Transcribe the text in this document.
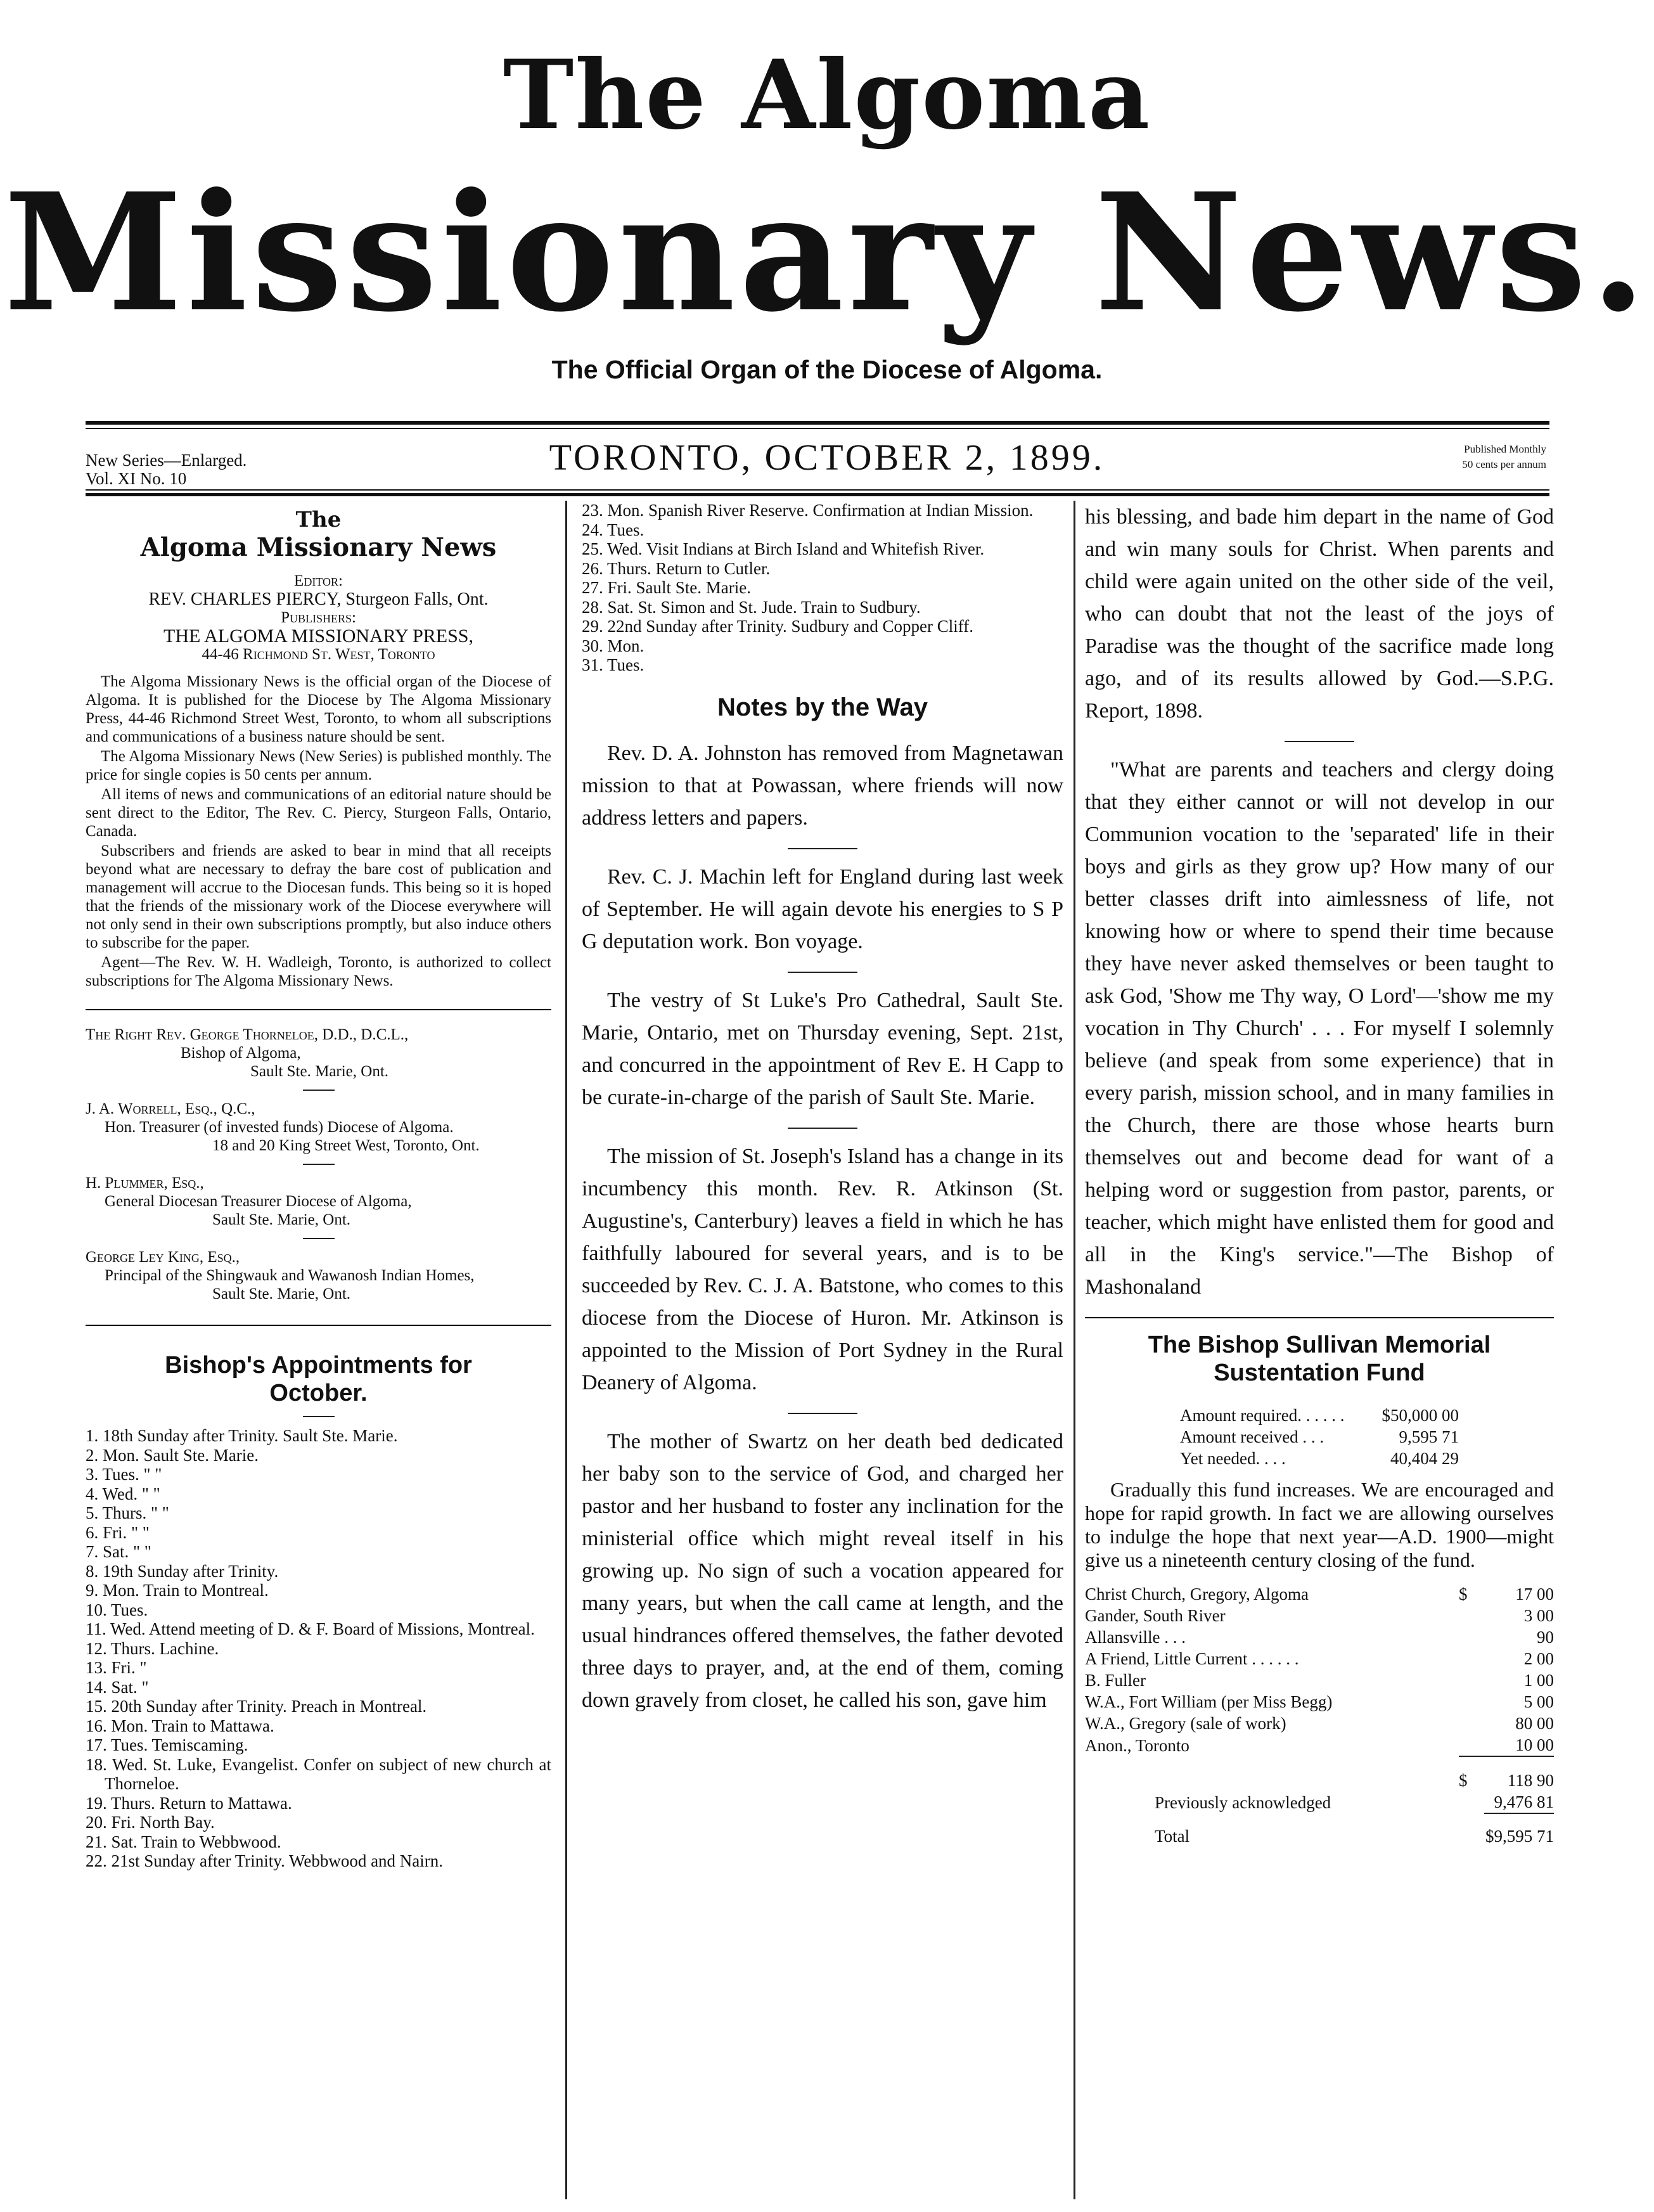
The Algoma
Missionary News.
The Official Organ of the Diocese of Algoma.
New Series—Enlarged.
Vol. XI No. 10
TORONTO, OCTOBER 2, 1899.	Published Monthly
50 cents per annum
The
Algoma Missionary News
Editor:
REV. CHARLES PIERCY, Sturgeon Falls, Ont.
Publishers:
THE ALGOMA MISSIONARY PRESS,
44-46 Richmond St. West, Toronto

The Algoma Missionary News is the official organ of the Diocese of Algoma. It is published for the Diocese by The Algoma Missionary Press, 44-46 Richmond Street West, Toronto, to whom all subscriptions and communications of a business nature should be sent.

The Algoma Missionary News (New Series) is published monthly. The price for single copies is 50 cents per annum.

All items of news and communications of an editorial nature should be sent direct to the Editor, The Rev. C. Piercy, Sturgeon Falls, Ontario, Canada.

Subscribers and friends are asked to bear in mind that all receipts beyond what are necessary to defray the bare cost of publication and management will accrue to the Diocesan funds. This being so it is hoped that the friends of the missionary work of the Diocese everywhere will not only send in their own subscriptions promptly, but also induce others to subscribe for the paper.

Agent—The Rev. W. H. Wadleigh, Toronto, is authorized to collect subscriptions for The Algoma Missionary News.

The Right Rev. George Thorneloe, D.D., D.C.L.,

Bishop of Algoma,

Sault Ste. Marie, Ont.

J. A. Worrell, Esq., Q.C.,

Hon. Treasurer (of invested funds) Diocese of Algoma.

18 and 20 King Street West, Toronto, Ont.

H. Plummer, Esq.,

General Diocesan Treasurer Diocese of Algoma,

Sault Ste. Marie, Ont.

George Ley King, Esq.,

Principal of the Shingwauk and Wawanosh Indian Homes,

Sault Ste. Marie, Ont.

Bishop's Appointments for October.

1. 18th Sunday after Trinity. Sault Ste. Marie.

2. Mon. Sault Ste. Marie.

3. Tues. " "

4. Wed. " "

5. Thurs. " "

6. Fri. " "

7. Sat. " "

8. 19th Sunday after Trinity.

9. Mon. Train to Montreal.

10. Tues.

11. Wed. Attend meeting of D. & F. Board of Missions, Montreal.

12. Thurs. Lachine.

13. Fri. "

14. Sat. "

15. 20th Sunday after Trinity. Preach in Montreal.

16. Mon. Train to Mattawa.

17. Tues. Temiscaming.

18. Wed. St. Luke, Evangelist. Confer on subject of new church at Thorneloe.

19. Thurs. Return to Mattawa.

20. Fri. North Bay.

21. Sat. Train to Webbwood.

22. 21st Sunday after Trinity. Webbwood and Nairn.

23. Mon. Spanish River Reserve. Confirmation at Indian Mission.

24. Tues.

25. Wed. Visit Indians at Birch Island and Whitefish River.

26. Thurs. Return to Cutler.

27. Fri. Sault Ste. Marie.

28. Sat. St. Simon and St. Jude. Train to Sudbury.

29. 22nd Sunday after Trinity. Sudbury and Copper Cliff.

30. Mon.

31. Tues.

Notes by the Way

Rev. D. A. Johnston has removed from Magnetawan mission to that at Powassan, where friends will now address letters and papers.

Rev. C. J. Machin left for England during last week of September. He will again devote his energies to S P G deputation work. Bon voyage.

The vestry of St Luke's Pro Cathedral, Sault Ste. Marie, Ontario, met on Thursday evening, Sept. 21st, and concurred in the appointment of Rev E. H Capp to be curate-in-charge of the parish of Sault Ste. Marie.

The mission of St. Joseph's Island has a change in its incumbency this month. Rev. R. Atkinson (St. Augustine's, Canterbury) leaves a field in which he has faithfully laboured for several years, and is to be succeeded by Rev. C. J. A. Batstone, who comes to this diocese from the Diocese of Huron. Mr. Atkinson is appointed to the Mission of Port Sydney in the Rural Deanery of Algoma.

The mother of Swartz on her death bed dedicated her baby son to the service of God, and charged her pastor and her husband to foster any inclination for the ministerial office which might reveal itself in his growing up. No sign of such a vocation appeared for many years, but when the call came at length, and the usual hindrances offered themselves, the father devoted three days to prayer, and, at the end of them, coming down gravely from closet, he called his son, gave him

his blessing, and bade him depart in the name of God and win many souls for Christ. When parents and child were again united on the other side of the veil, who can doubt that not the least of the joys of Paradise was the thought of the sacrifice made long ago, and of its results allowed by God.—S.P.G. Report, 1898.

"What are parents and teachers and clergy doing that they either cannot or will not develop in our Communion vocation to the 'separated' life in their boys and girls as they grow up? How many of our better classes drift into aimlessness of life, not knowing how or where to spend their time because they have never asked themselves or been taught to ask God, 'Show me Thy way, O Lord'—'show me my vocation in Thy Church' . . . For myself I solemnly believe (and speak from some experience) that in every parish, mission school, and in many families in the Church, there are those whose hearts burn themselves out and become dead for want of a helping word or suggestion from pastor, parents, or teacher, which might have enlisted them for good and all in the King's service."—The Bishop of Mashonaland

The Bishop Sullivan Memorial Sustentation Fund
Amount required. . . . . .	$50,000 00
Amount received . . .	9,595 71
Yet needed. . . .	40,404 29

Gradually this fund increases. We are encouraged and hope for rapid growth. In fact we are allowing ourselves to indulge the hope that next year—A.D. 1900—might give us a nineteenth century closing of the fund.

Christ Church, Gregory, Algoma	$	17 00
Gander, South River		3 00
Allansville . . .		90
A Friend, Little Current . . . . . .		2 00
B. Fuller		1 00
W.A., Fort William (per Miss Begg)		5 00
W.A., Gregory (sale of work)		80 00
Anon., Toronto		10 00
	$	118 90
Previously acknowledged		9,476 81
Total		$9,595 71
